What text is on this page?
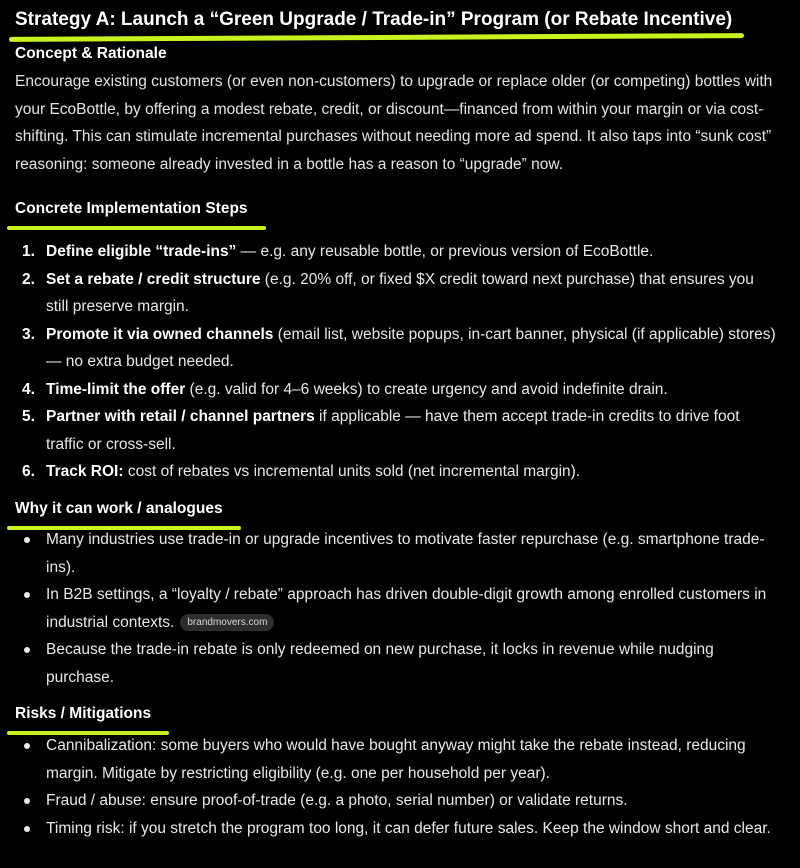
Strategy A: Launch a “Green Upgrade / Trade-in” Program (or Rebate Incentive)
Concept & Rationale
Encourage existing customers (or even non-customers) to upgrade or replace older (or competing) bottles with your EcoBottle, by offering a modest rebate, credit, or discount—financed from within your margin or via cost-shifting. This can stimulate incremental purchases without needing more ad spend. It also taps into “sunk cost” reasoning: someone already invested in a bottle has a reason to “upgrade” now.
Concrete Implementation Steps
1. Define eligible “trade-ins” — e.g. any reusable bottle, or previous version of EcoBottle.
2. Set a rebate / credit structure (e.g. 20% off, or fixed $X credit toward next purchase) that ensures you still preserve margin.
3. Promote it via owned channels (email list, website popups, in-cart banner, physical (if applicable) stores) — no extra budget needed.
4. Time-limit the offer (e.g. valid for 4–6 weeks) to create urgency and avoid indefinite drain.
5. Partner with retail / channel partners if applicable — have them accept trade-in credits to drive foot traffic or cross-sell.
6. Track ROI: cost of rebates vs incremental units sold (net incremental margin).
Why it can work / analogues
Many industries use trade-in or upgrade incentives to motivate faster repurchase (e.g. smartphone trade-ins).
In B2B settings, a “loyalty / rebate” approach has driven double-digit growth among enrolled customers in industrial contexts. brandmovers.com
Because the trade-in rebate is only redeemed on new purchase, it locks in revenue while nudging purchase.
Risks / Mitigations
Cannibalization: some buyers who would have bought anyway might take the rebate instead, reducing margin. Mitigate by restricting eligibility (e.g. one per household per year).
Fraud / abuse: ensure proof-of-trade (e.g. a photo, serial number) or validate returns.
Timing risk: if you stretch the program too long, it can defer future sales. Keep the window short and clear.
